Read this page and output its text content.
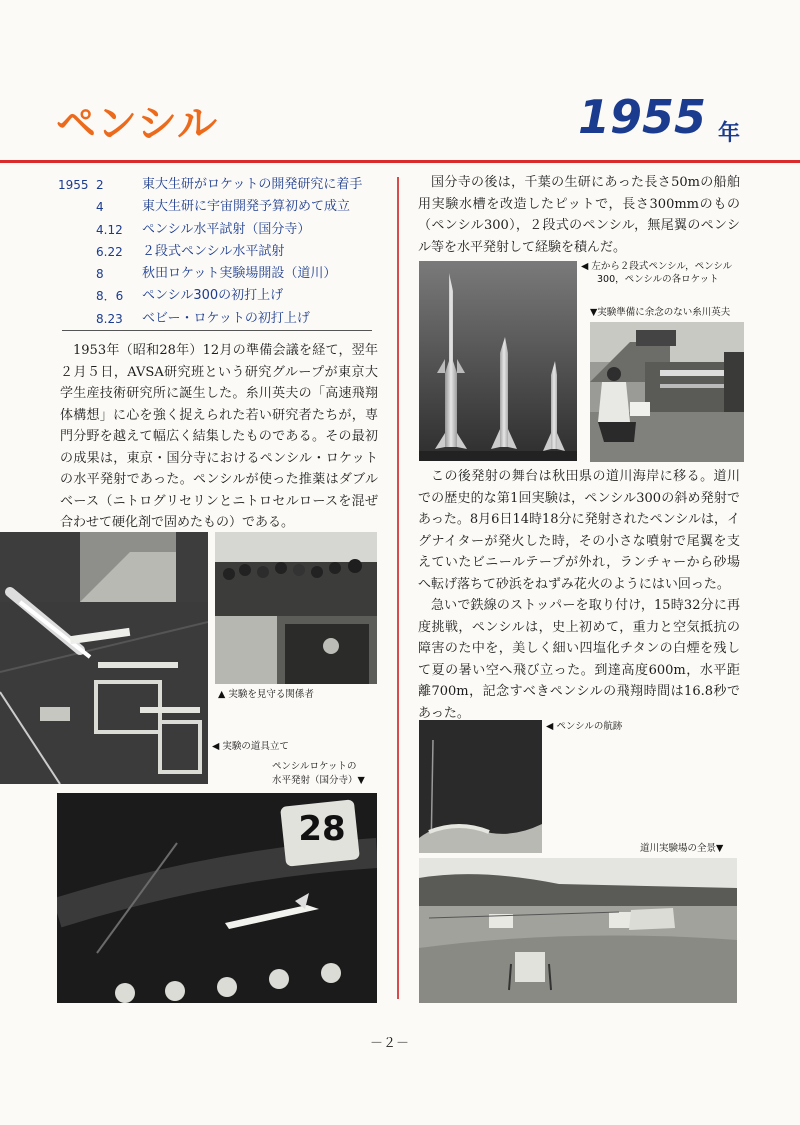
ペンシル	1955 年
1955 2	東大生研がロケットの開発研究に着手
4	東大生研に宇宙開発予算初めて成立
4.12	ペンシル水平試射（国分寺）
6.22	２段式ペンシル水平試射
8	秋田ロケット実験場開設（道川）
8．6	ペンシル300の初打上げ
8.23	ベビー・ロケットの初打上げ

1953年（昭和28年）12月の準備会議を経て，翌年２月５日，AVSA研究班という研究グループが東京大学生産技術研究所に誕生した。糸川英夫の「高速飛翔体構想」に心を強く捉えられた若い研究者たちが，専門分野を越えて幅広く結集したものである。その最初の成果は，東京・国分寺におけるペンシル・ロケットの水平発射であった。ペンシルが使った推薬はダブルベース（ニトログリセリンとニトロセルロースを混ぜ合わせて硬化剤で固めたもの）である。

国分寺の後は，千葉の生研にあった長さ50mの船舶用実験水槽を改造したピットで，長さ300mmのもの（ペンシル300），２段式のペンシル，無尾翼のペンシル等を水平発射して経験を積んだ。

この後発射の舞台は秋田県の道川海岸に移る。道川での歴史的な第1回実験は，ペンシル300の斜め発射であった。8月6日14時18分に発射されたペンシルは，イグナイターが発火した時，その小さな噴射で尾翼を支えていたビニールテープが外れ，ランチャーから砂場へ転げ落ちて砂浜をねずみ花火のようにはい回った。

急いで鉄線のストッパーを取り付け，15時32分に再度挑戦，ペンシルは，史上初めて，重力と空気抵抗の障害のた中を，美しく細い四塩化チタンの白煙を残して夏の暑い空へ飛び立った。到達高度600m，水平距離700m，記念すべきペンシルの飛翔時間は16.8秒であった。

◀ 左から２段式ペンシル，ペンシル
300，ペンシルの各ロケット
▼実験準備に余念のない糸川英夫
▲ 実験を見守る関係者
◀ 実験の道具立て
ペンシルロケットの
水平発射（国分寺）▼
28
◀ ペンシルの航跡
道川実験場の全景▼
－２－
